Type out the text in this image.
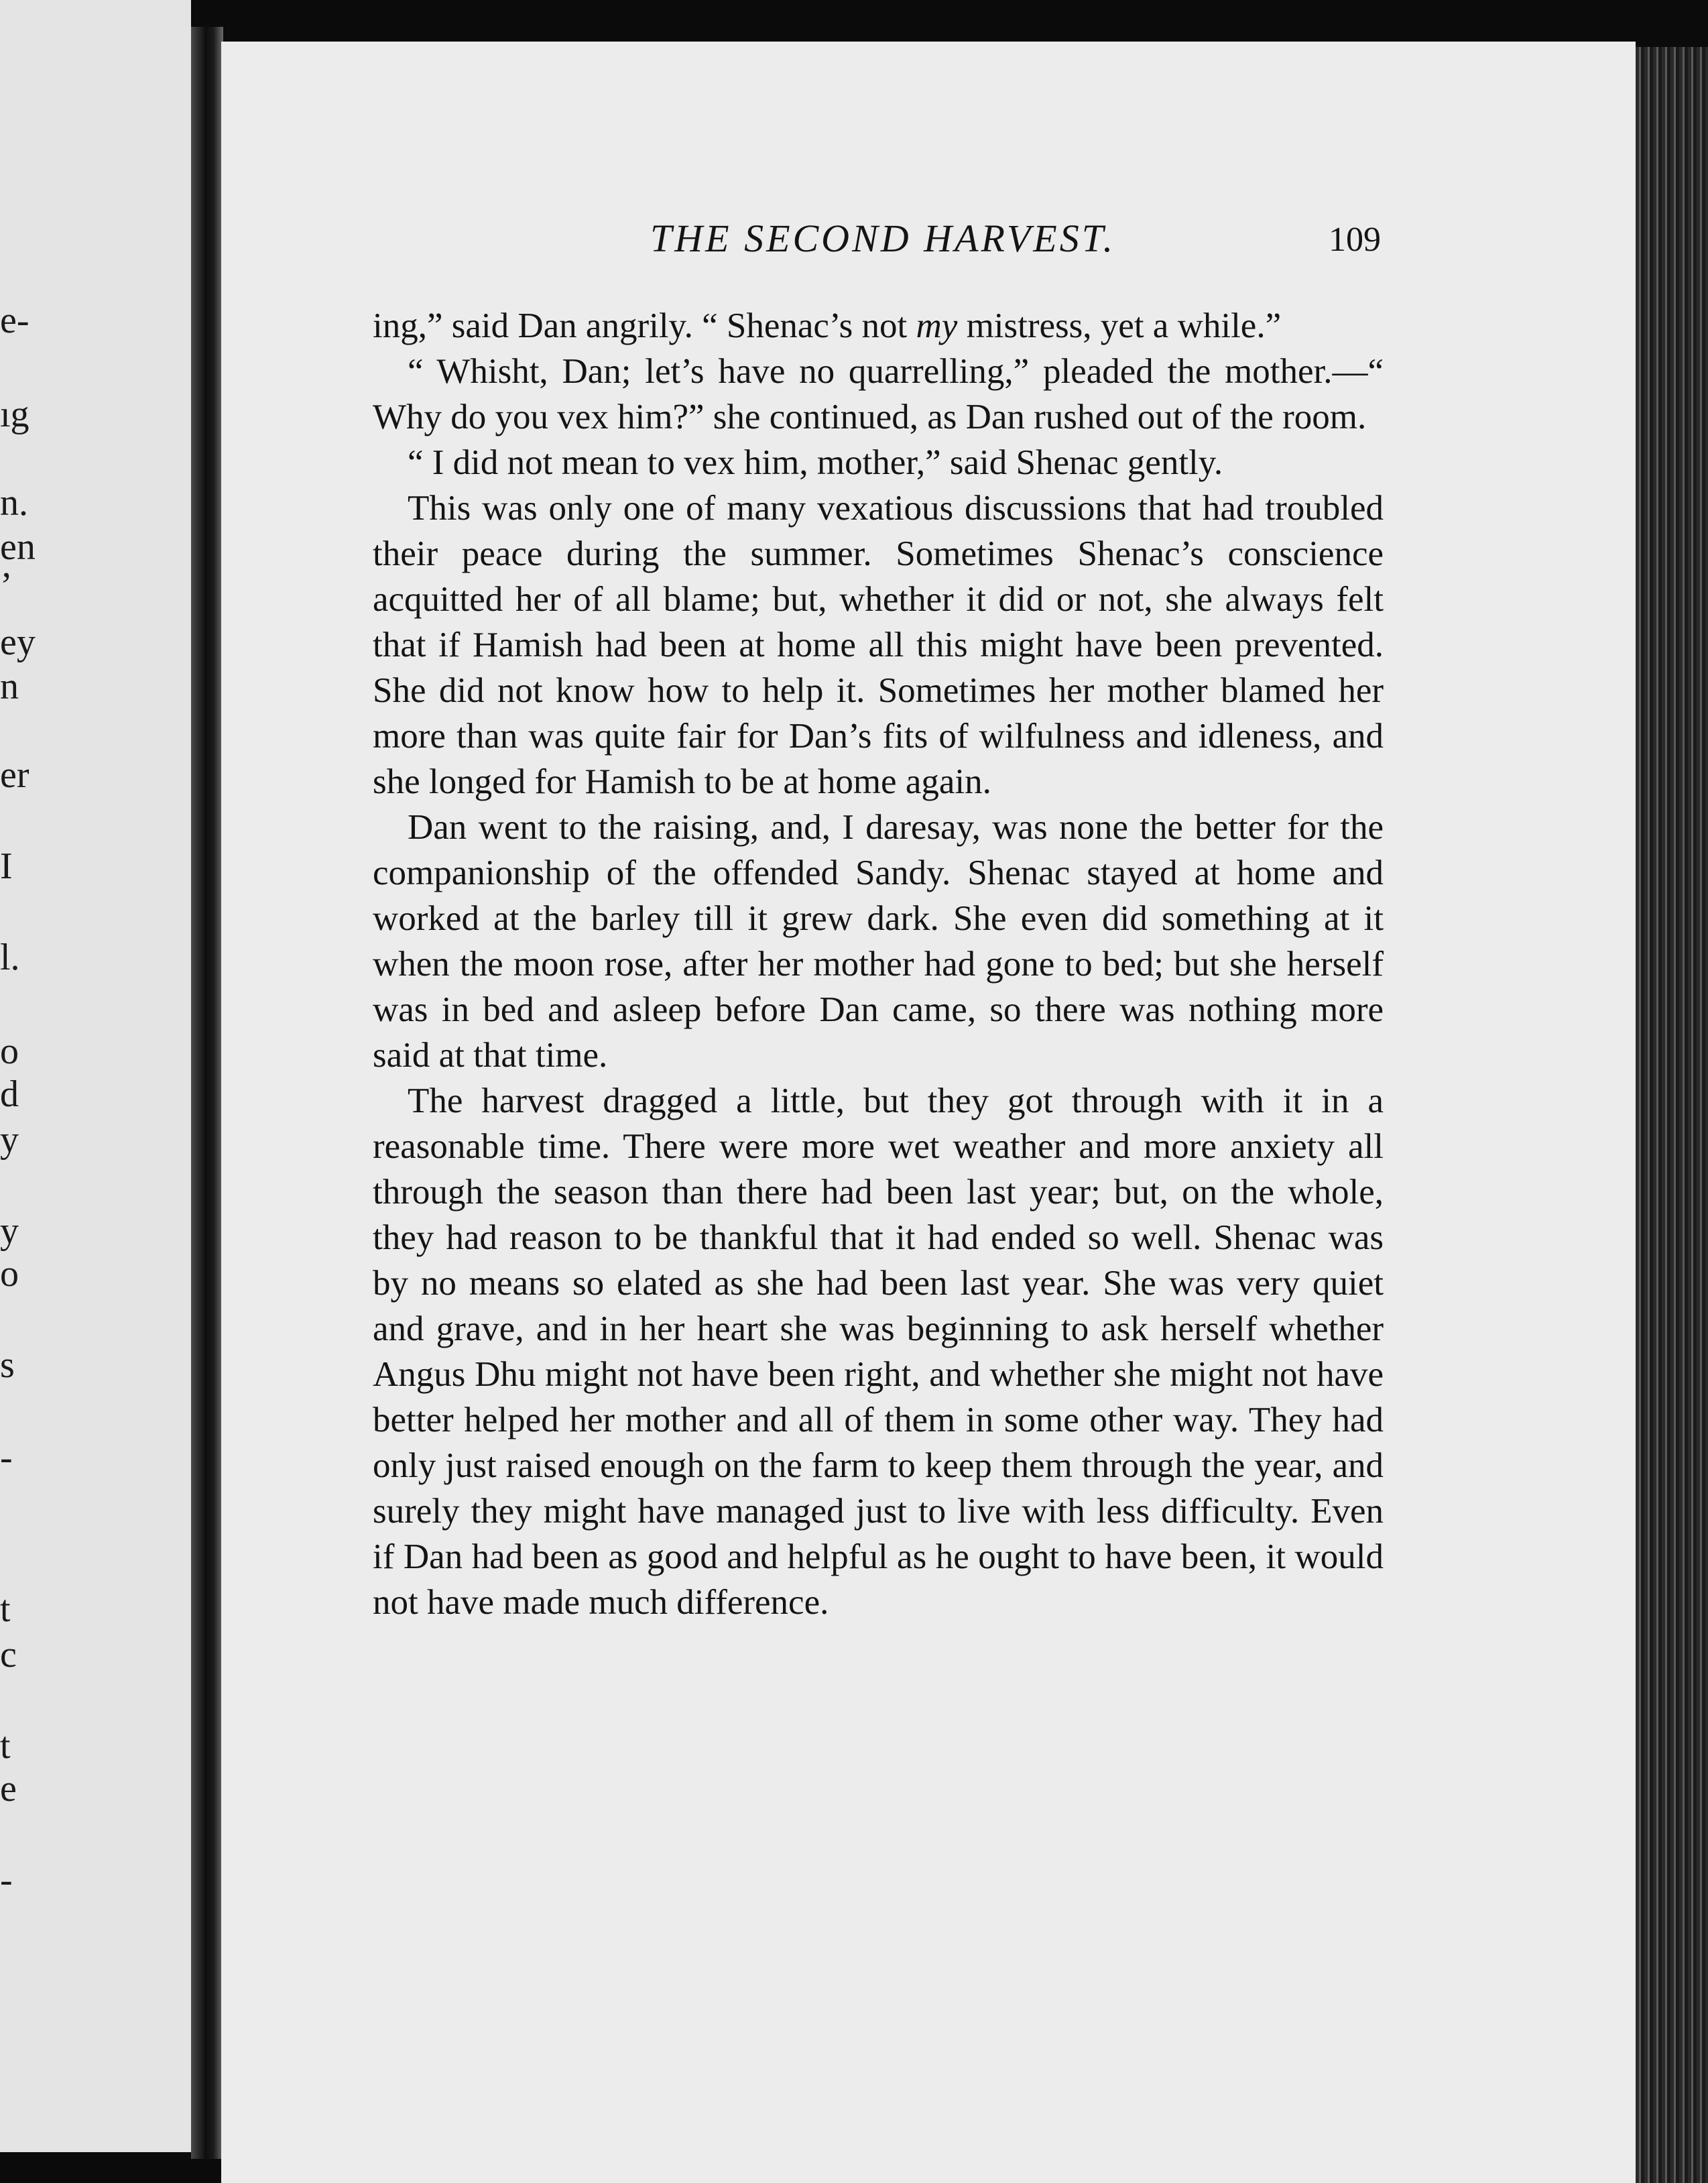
e-
ıg
n.
en
’
ey
n
er
I
l.
o
d
y
y
o
s
-
t
c
t
e
-
THE SECOND HARVEST.	109

ing,” said Dan angrily. “ Shenac’s not my mistress, yet a while.”

“ Whisht, Dan; let’s have no quarrelling,” pleaded the mother.—“ Why do you vex him?” she continued, as Dan rushed out of the room.

“ I did not mean to vex him, mother,” said Shenac gently.

This was only one of many vexatious discussions that had troubled their peace during the summer. Sometimes Shenac’s conscience acquitted her of all blame; but, whether it did or not, she always felt that if Hamish had been at home all this might have been prevented. She did not know how to help it. Sometimes her mother blamed her more than was quite fair for Dan’s fits of wilfulness and idleness, and she longed for Hamish to be at home again.

Dan went to the raising, and, I daresay, was none the better for the companionship of the offended Sandy. Shenac stayed at home and worked at the barley till it grew dark. She even did something at it when the moon rose, after her mother had gone to bed; but she herself was in bed and asleep before Dan came, so there was nothing more said at that time.

The harvest dragged a little, but they got through with it in a reasonable time. There were more wet weather and more anxiety all through the season than there had been last year; but, on the whole, they had reason to be thankful that it had ended so well. Shenac was by no means so elated as she had been last year. She was very quiet and grave, and in her heart she was beginning to ask herself whether Angus Dhu might not have been right, and whether she might not have better helped her mother and all of them in some other way. They had only just raised enough on the farm to keep them through the year, and surely they might have managed just to live with less difficulty. Even if Dan had been as good and helpful as he ought to have been, it would not have made much difference.
